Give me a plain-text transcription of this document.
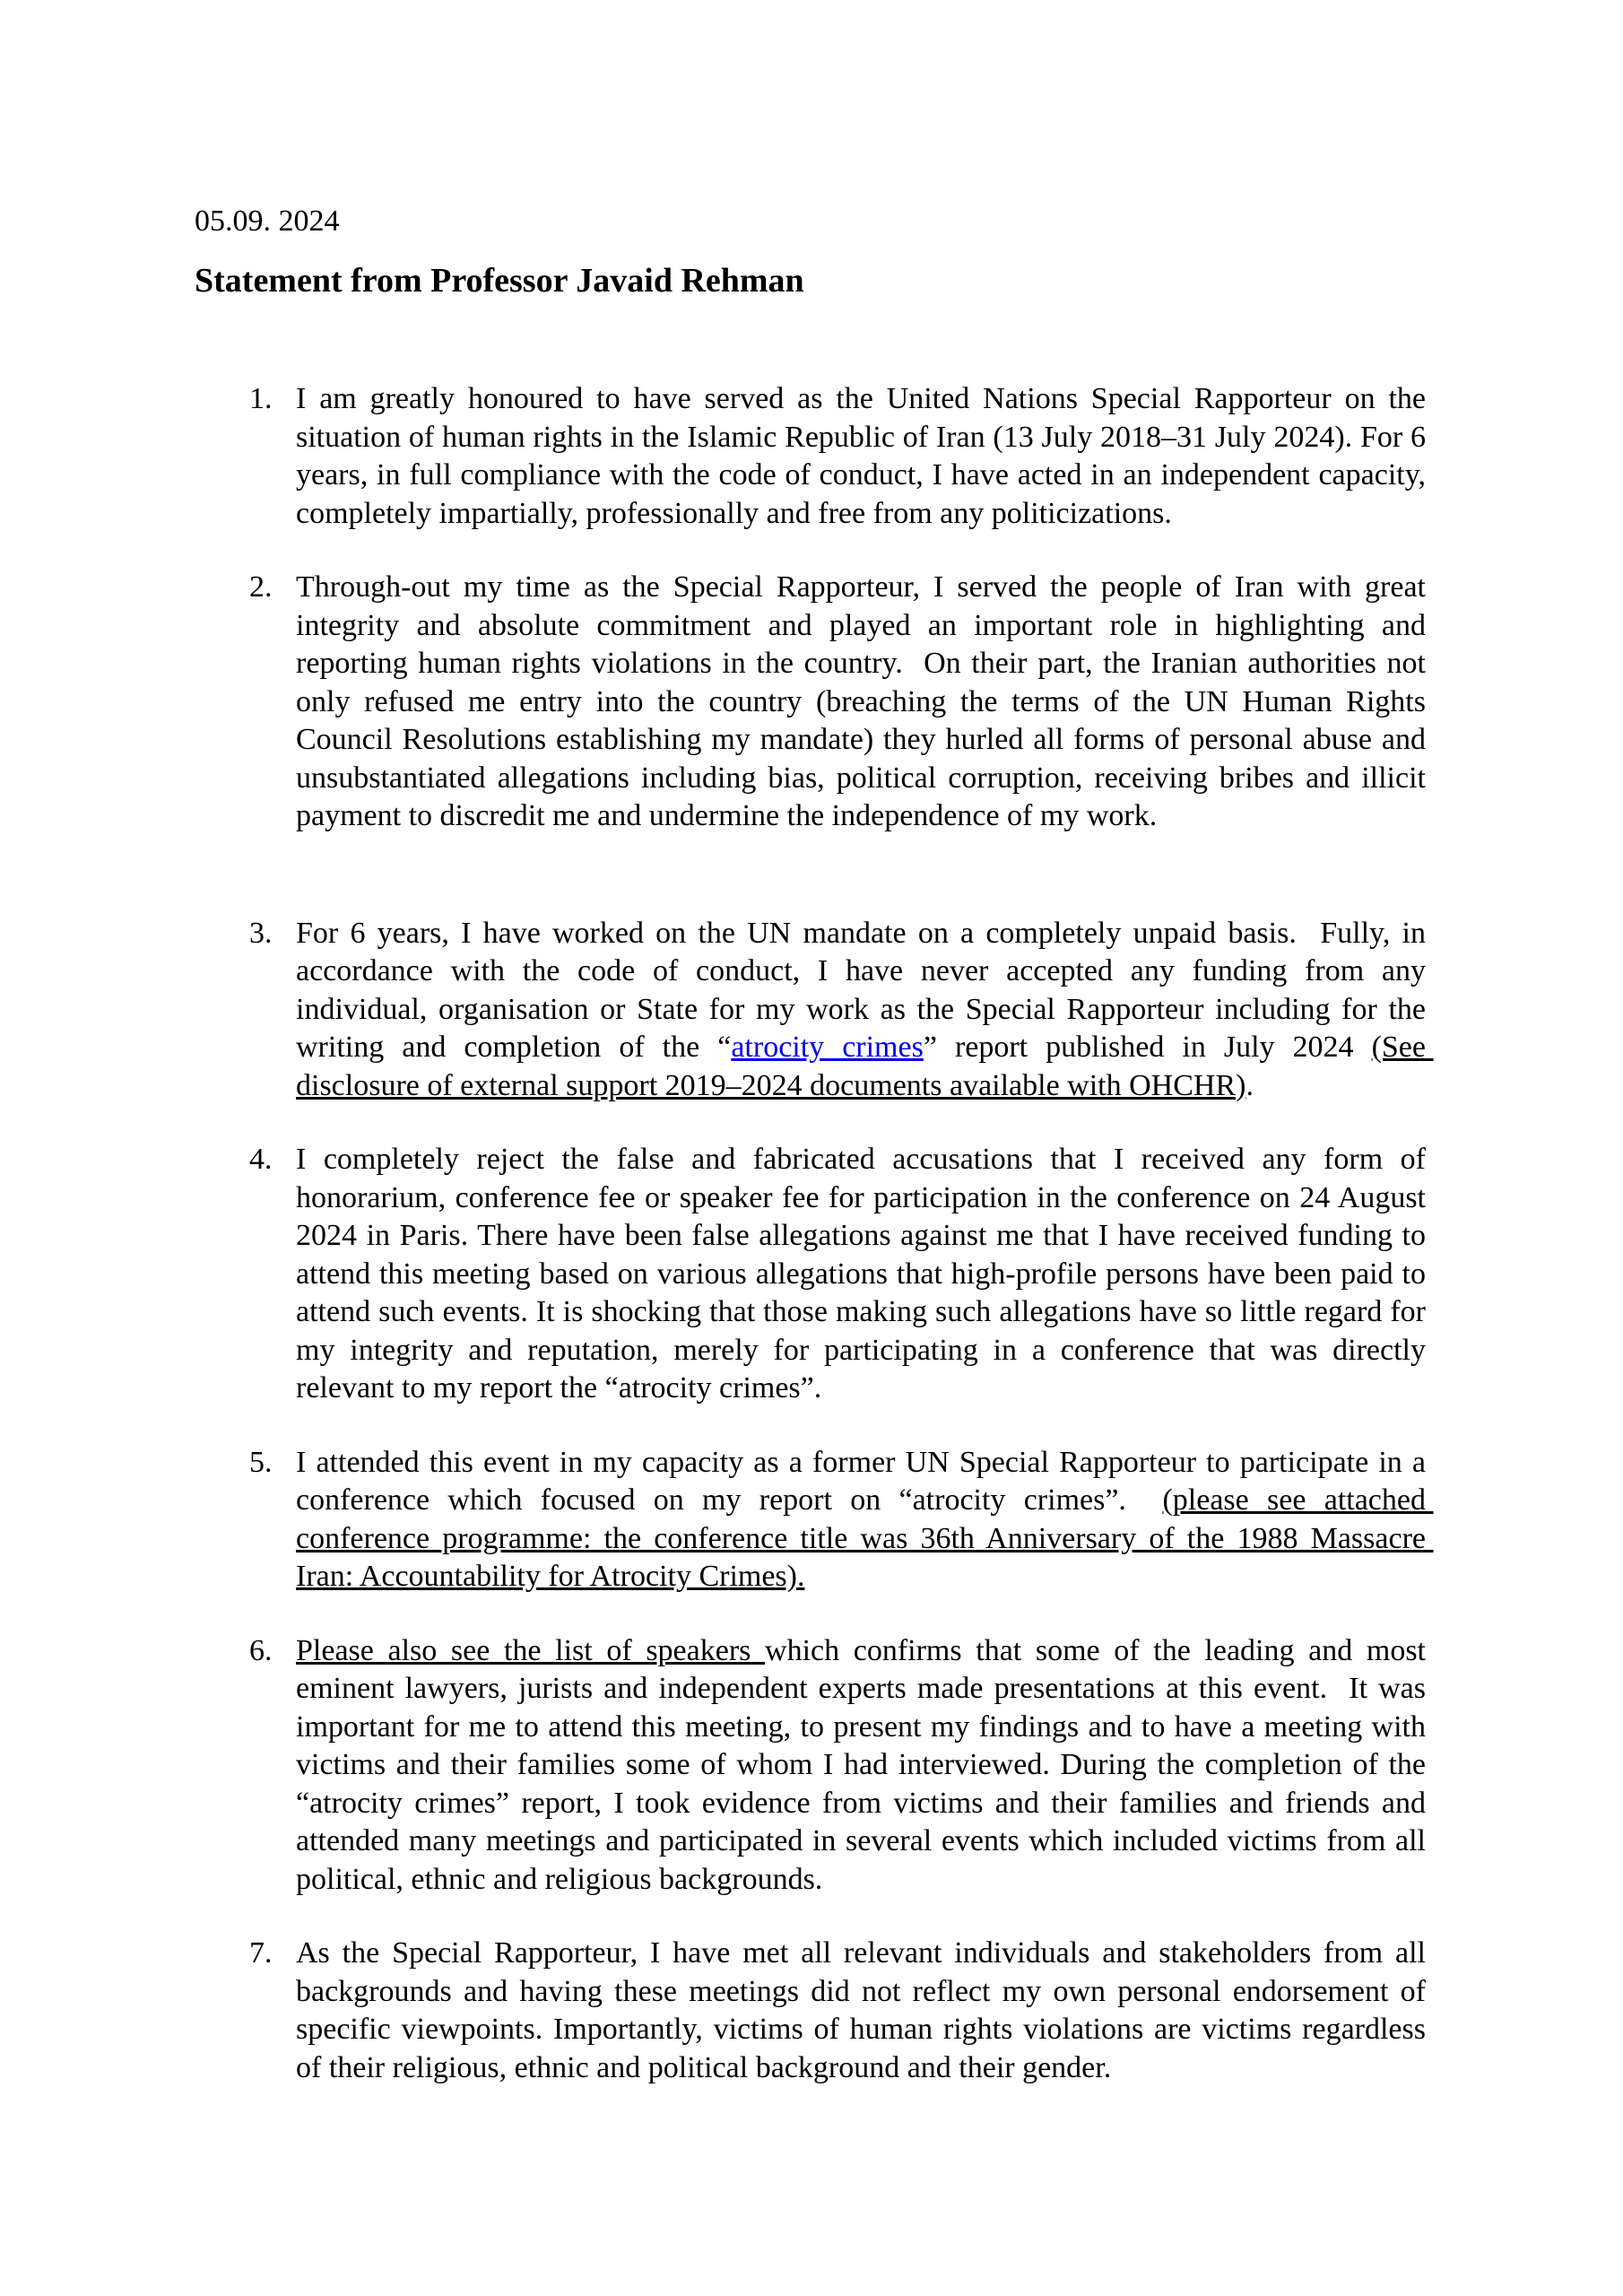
05.09. 2024
Statement from Professor Javaid Rehman
1. I am greatly honoured to have served as the United Nations Special Rapporteur on the situation of human rights in the Islamic Republic of Iran (13 July 2018–31 July 2024). For 6 years, in full compliance with the code of conduct, I have acted in an independent capacity, completely impartially, professionally and free from any politicizations.
2. Through-out my time as the Special Rapporteur, I served the people of Iran with great integrity and absolute commitment and played an important role in highlighting and reporting human rights violations in the country.  On their part, the Iranian authorities not only refused me entry into the country (breaching the terms of the UN Human Rights Council Resolutions establishing my mandate) they hurled all forms of personal abuse and unsubstantiated allegations including bias, political corruption, receiving bribes and illicit payment to discredit me and undermine the independence of my work.
3. For 6 years, I have worked on the UN mandate on a completely unpaid basis.  Fully, in accordance with the code of conduct, I have never accepted any funding from any individual, organisation or State for my work as the Special Rapporteur including for the writing and completion of the “atrocity crimes” report published in July 2024 (See disclosure of external support 2019–2024 documents available with OHCHR).
4. I completely reject the false and fabricated accusations that I received any form of honorarium, conference fee or speaker fee for participation in the conference on 24 August 2024 in Paris. There have been false allegations against me that I have received funding to attend this meeting based on various allegations that high-profile persons have been paid to attend such events. It is shocking that those making such allegations have so little regard for my integrity and reputation, merely for participating in a conference that was directly relevant to my report the “atrocity crimes”.
5. I attended this event in my capacity as a former UN Special Rapporteur to participate in a conference which focused on my report on “atrocity crimes”.  (please see attached conference programme: the conference title was 36th Anniversary of the 1988 Massacre Iran: Accountability for Atrocity Crimes).
6. Please also see the list of speakers which confirms that some of the leading and most eminent lawyers, jurists and independent experts made presentations at this event.  It was important for me to attend this meeting, to present my findings and to have a meeting with victims and their families some of whom I had interviewed. During the completion of the “atrocity crimes” report, I took evidence from victims and their families and friends and attended many meetings and participated in several events which included victims from all political, ethnic and religious backgrounds.
7. As the Special Rapporteur, I have met all relevant individuals and stakeholders from all backgrounds and having these meetings did not reflect my own personal endorsement of specific viewpoints. Importantly, victims of human rights violations are victims regardless of their religious, ethnic and political background and their gender.
